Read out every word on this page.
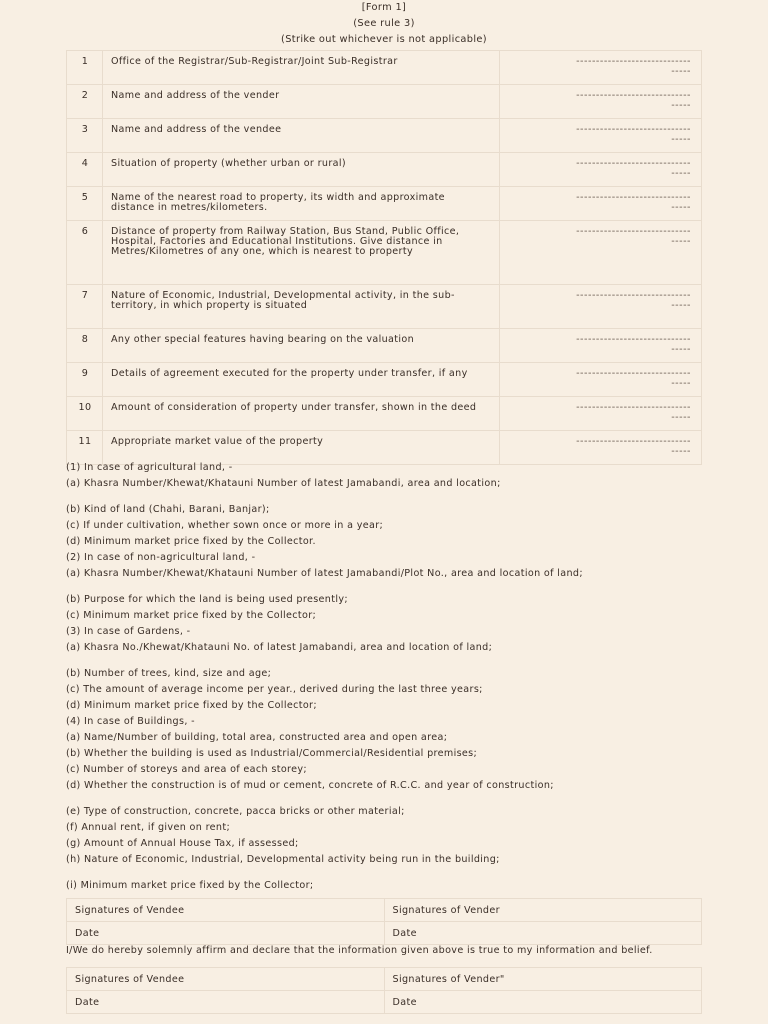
[Form 1]
(See rule 3)
(Strike out whichever is not applicable)
1	Office of the Registrar/Sub-Registrar/Joint Sub-Registrar	-----------------------------
-----

2	Name and address of the vender	-----------------------------
-----

3	Name and address of the vendee	-----------------------------
-----

4	Situation of property (whether urban or rural)	-----------------------------
-----

5	Name of the nearest road to property, its width and approximate distance in metres/kilometers.	-----------------------------
-----

6	Distance of property from Railway Station, Bus Stand, Public Office, Hospital, Factories and Educational Institutions. Give distance in Metres/Kilometres of any one, which is nearest to property	-----------------------------
-----

7	Nature of Economic, Industrial, Developmental activity, in the sub-territory, in which property is situated	-----------------------------
-----

8	Any other special features having bearing on the valuation	-----------------------------
-----

9	Details of agreement executed for the property under transfer, if any	-----------------------------
-----

10	Amount of consideration of property under transfer, shown in the deed	-----------------------------
-----

11	Appropriate market value of the property	-----------------------------
-----

(1) In case of agricultural land, -

(a) Khasra Number/Khewat/Khatauni Number of latest Jamabandi, area and location;

(b) Kind of land (Chahi, Barani, Banjar);

(c) If under cultivation, whether sown once or more in a year;

(d) Minimum market price fixed by the Collector.

(2) In case of non-agricultural land, -

(a) Khasra Number/Khewat/Khatauni Number of latest Jamabandi/Plot No., area and location of land;

(b) Purpose for which the land is being used presently;

(c) Minimum market price fixed by the Collector;

(3) In case of Gardens, -

(a) Khasra No./Khewat/Khatauni No. of latest Jamabandi, area and location of land;

(b) Number of trees, kind, size and age;

(c) The amount of average income per year., derived during the last three years;

(d) Minimum market price fixed by the Collector;

(4) In case of Buildings, -

(a) Name/Number of building, total area, constructed area and open area;

(b) Whether the building is used as Industrial/Commercial/Residential premises;

(c) Number of storeys and area of each storey;

(d) Whether the construction is of mud or cement, concrete of R.C.C. and year of construction;

(e) Type of construction, concrete, pacca bricks or other material;

(f) Annual rent, if given on rent;

(g) Amount of Annual House Tax, if assessed;

(h) Nature of Economic, Industrial, Developmental activity being run in the building;

(i) Minimum market price fixed by the Collector;

Signatures of Vendee	Signatures of Vender
Date	Date
I/We do hereby solemnly affirm and declare that the information given above is true to my information and belief.
Signatures of Vendee	Signatures of Vender"
Date	Date
